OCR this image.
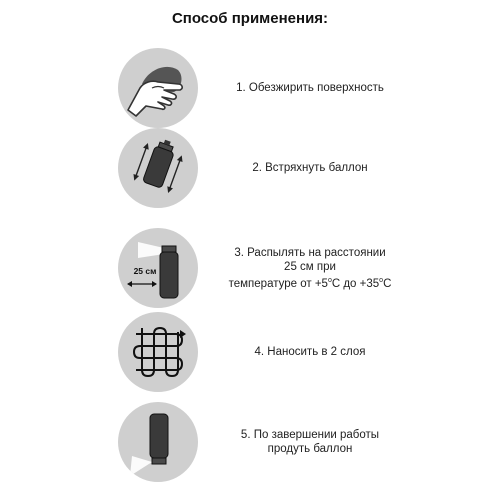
Способ применения:
1. Обезжирить поверхность
2. Встряхнуть баллон
25 см
3. Распылять на расстоянии
25 см при
температуре от $+5^oC$ до $+35^oC$
4. Наносить в 2 слоя
5. По завершении работы
продуть баллон
